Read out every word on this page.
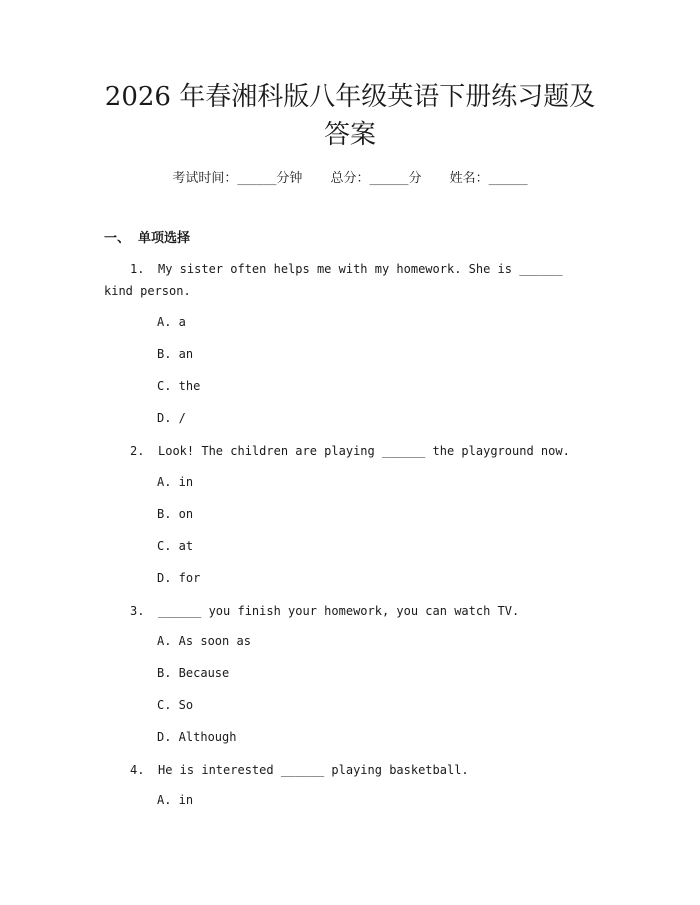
2026 年春湘科版八年级英语下册练习题及答案
考试时间：______分钟 总分：______分 姓名：______
一、 单项选择
1. My sister often helps me with my homework. She is ______ kind person.
A. a
B. an
C. the
D. /
2. Look! The children are playing ______ the playground now.
A. in
B. on
C. at
D. for
3. ______ you finish your homework, you can watch TV.
A. As soon as
B. Because
C. So
D. Although
4. He is interested ______ playing basketball.
A. in
